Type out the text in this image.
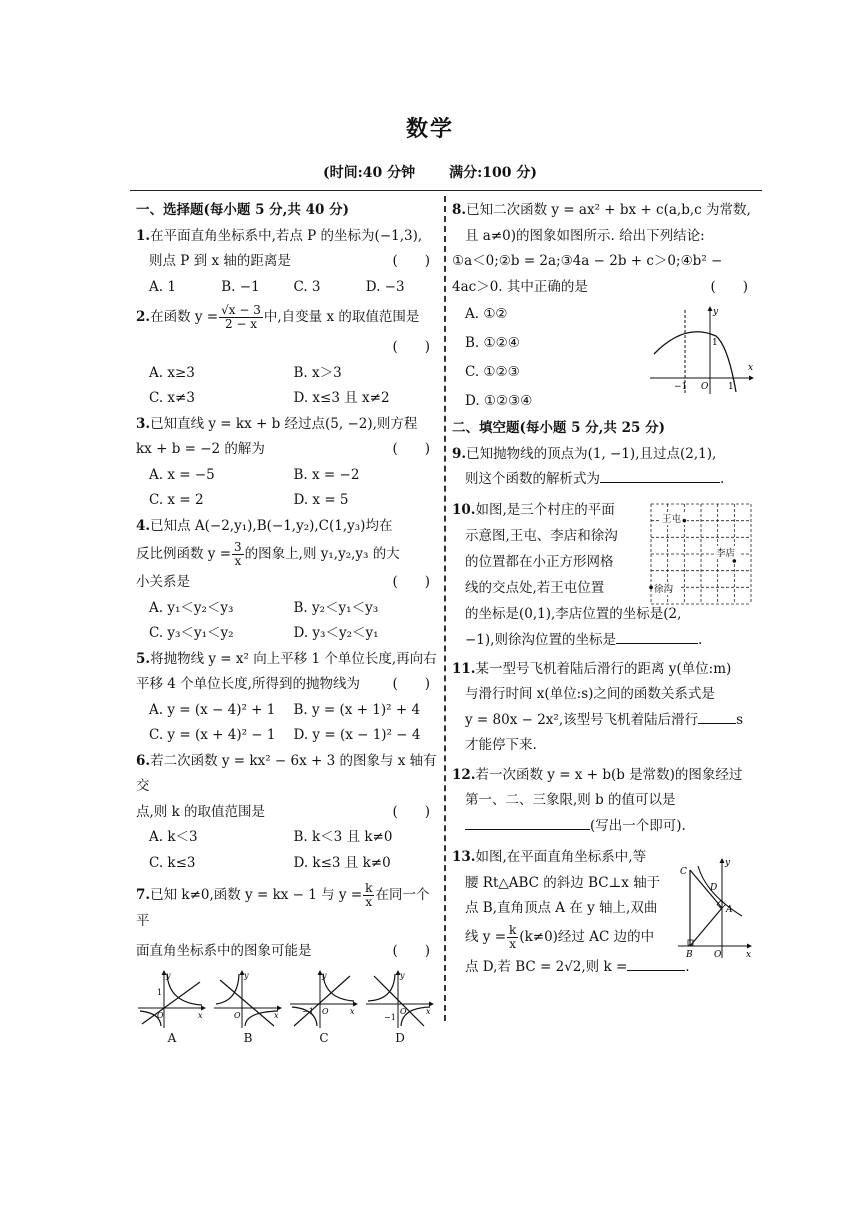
数学
(时间:40 分钟 满分:100 分)
一、选择题(每小题 5 分,共 40 分)
1.在平面直角坐标系中,若点 P 的坐标为(−1,3),
则点 P 到 x 轴的距离是	(　　)
A. 1	B. −1	C. 3	D. −3
2.在函数 $y = \frac{√x - 3}{2 - x}$ 中,自变量 x 的取值范围是
(　　)
A. x≥3	B. x＞3
C. x≠3	D. x≤3 且 x≠2
3.已知直线 y = kx + b 经过点(5, −2),则方程
kx + b = −2 的解为	(　　)
A. x = −5	B. x = −2
C. x = 2	D. x = 5
4.已知点 A(−2,y₁),B(−1,y₂),C(1,y₃)均在
反比例函数 $y = \frac{3}{x}$ 的图象上,则 y₁,y₂,y₃ 的大
小关系是	(　　)
A. y₁＜y₂＜y₃	B. y₂＜y₁＜y₃
C. y₃＜y₁＜y₂	D. y₃＜y₂＜y₁
5.将抛物线 y = x² 向上平移 1 个单位长度,再向右
平移 4 个单位长度,所得到的抛物线为 (　　)
A. y = (x − 4)² + 1	B. y = (x + 1)² + 4
C. y = (x + 4)² − 1	D. y = (x − 1)² − 4
6.若二次函数 y = kx² − 6x + 3 的图象与 x 轴有交
点,则 k 的取值范围是	(　　)
A. k＜3	B. k＜3 且 k≠0
C. k≤3	D. k≤3 且 k≠0
7.已知 k≠0,函数 y = kx − 1 与 $y = \frac{k}{x}$ 在同一个平
面直角坐标系中的图象可能是	(　　)
y
x
O
1
A
y
x
O
B
y
x
O
−1
C
y
x
O
−1
D
8.已知二次函数 y = ax² + bx + c(a,b,c 为常数,
且 a≠0)的图象如图所示. 给出下列结论:
①a＜0;②b = 2a;③4a − 2b + c＞0;④b² −
4ac＞0. 其中正确的是	(　　)
A. ①②
B. ①②④
C. ①②③
D. ①②③④
二、填空题(每小题 5 分,共 25 分)
9.已知抛物线的顶点为(1, −1),且过点(2,1),
则这个函数的解析式为	.
10.如图,是三个村庄的平面
示意图,王屯、李店和徐沟
的位置都在小正方形网格
线的交点处,若王屯位置
的坐标是(0,1),李店位置的坐标是(2,
−1),则徐沟位置的坐标是	.
11.某一型号飞机着陆后滑行的距离 y(单位:m)
与滑行时间 x(单位:s)之间的函数关系式是
y = 80x − 2x²,该型号飞机着陆后滑行	s
才能停下来.
12.若一次函数 y = x + b(b 是常数)的图象经过
第一、二、三象限,则 b 的值可以是
(写出一个即可).
13.如图,在平面直角坐标系中,等
腰 Rt△ABC 的斜边 BC⊥x 轴于
点 B,直角顶点 A 在 y 轴上,双曲
线 $y = \frac{k}{x} (k\ne 0)$经过 AC 边的中
点 D,若 BC = 2√2,则 k =	.
y
x
O
1
−1	1
王屯
李店
徐沟
C
D
A
B O	x
y
